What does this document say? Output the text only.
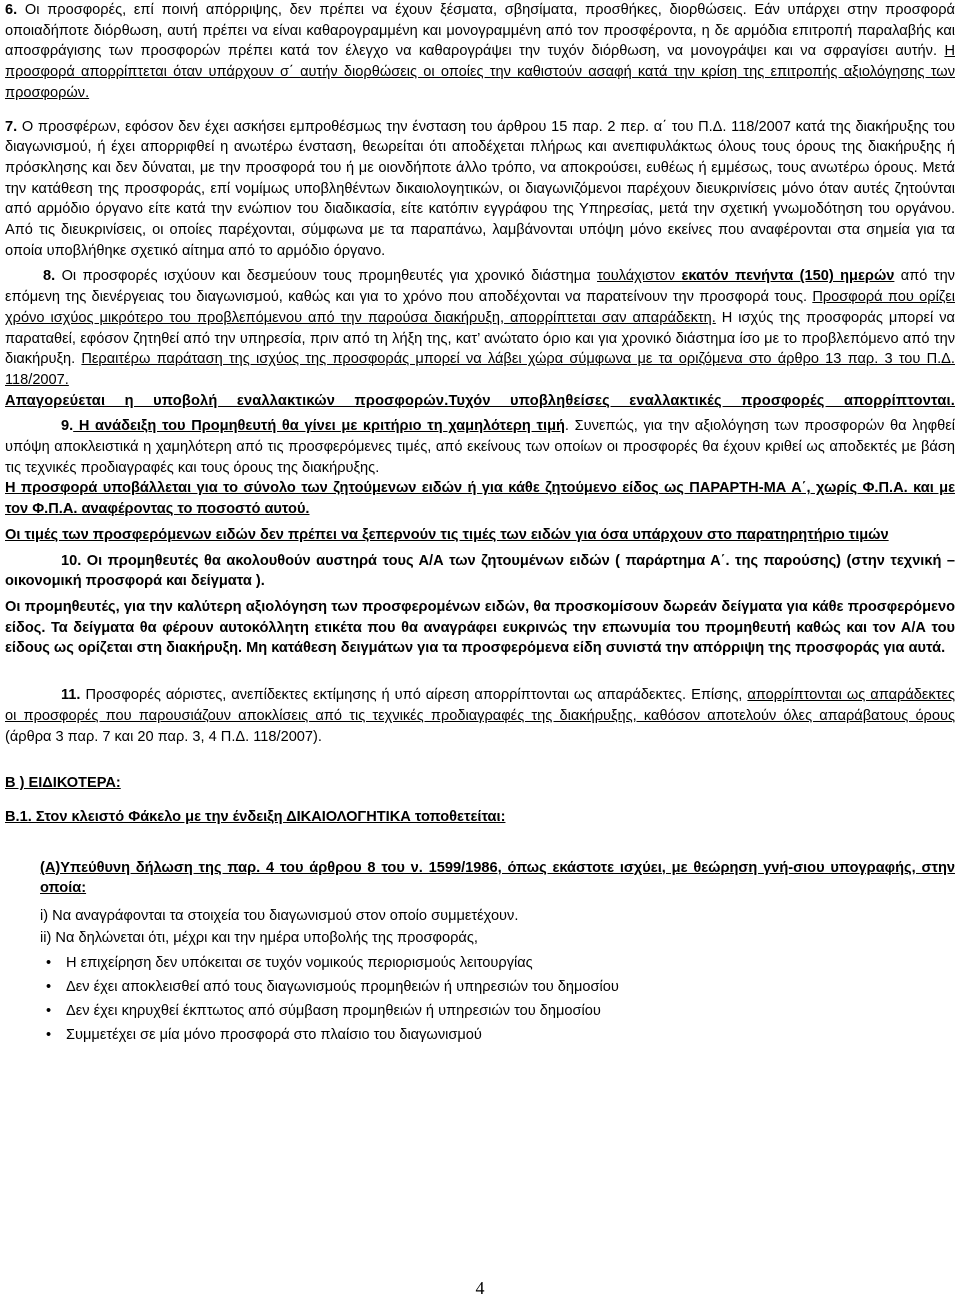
6. Οι προσφορές, επί ποινή απόρριψης, δεν πρέπει να έχουν ξέσματα, σβησίματα, προσθήκες, διορθώσεις. Εάν υπάρχει στην προσφορά οποιαδήποτε διόρθωση, αυτή πρέπει να είναι καθαρογραμμένη και μονογραμμένη από τον προσφέροντα, η δε αρμόδια επιτροπή παραλαβής και αποσφράγισης των προσφορών πρέπει κατά τον έλεγχο να καθαρογράψει την τυχόν διόρθωση, να μονογράψει και να σφραγίσει αυτήν. Η προσφορά απορρίπτεται όταν υπάρχουν σ΄ αυτήν διορθώσεις οι οποίες την καθιστούν ασαφή κατά την κρίση της επιτροπής αξιολόγησης των προσφορών.

7. Ο προσφέρων, εφόσον δεν έχει ασκήσει εμπροθέσμως την ένσταση του άρθρου 15 παρ. 2 περ. α΄ του Π.Δ. 118/2007 κατά της διακήρυξης του διαγωνισμού, ή έχει απορριφθεί η ανωτέρω ένσταση, θεωρείται ότι αποδέχεται πλήρως και ανεπιφυλάκτως όλους τους όρους της διακήρυξης ή πρόσκλησης και δεν δύναται, με την προσφορά του ή με οιονδήποτε άλλο τρόπο, να αποκρούσει, ευθέως ή εμμέσως, τους ανωτέρω όρους. Μετά την κατάθεση της προσφοράς, επί νομίμως υποβληθέντων δικαιολογητικών, οι διαγωνιζόμενοι παρέχουν διευκρινίσεις μόνο όταν αυτές ζητούνται από αρμόδιο όργανο είτε κατά την ενώπιον του διαδικασία, είτε κατόπιν εγγράφου της Υπηρεσίας, μετά την σχετική γνωμοδότηση του οργάνου. Από τις διευκρινίσεις, οι οποίες παρέχονται, σύμφωνα με τα παραπάνω, λαμβάνονται υπόψη μόνο εκείνες που αναφέρονται στα σημεία για τα οποία υποβλήθηκε σχετικό αίτημα από το αρμόδιο όργανο.

8. Οι προσφορές ισχύουν και δεσμεύουν τους προμηθευτές για χρονικό διάστημα τουλάχιστον εκατόν πενήντα (150) ημερών από την επόμενη της διενέργειας του διαγωνισμού, καθώς και για το χρόνο που αποδέχονται να παρατείνουν την προσφορά τους. Προσφορά που ορίζει χρόνο ισχύος μικρότερο του προβλεπόμενου από την παρούσα διακήρυξη, απορρίπτεται σαν απαράδεκτη. Η ισχύς της προσφοράς μπορεί να παραταθεί, εφόσον ζητηθεί από την υπηρεσία, πριν από τη λήξη της, κατ’ ανώτατο όριο και για χρονικό διάστημα ίσο με το προβλεπόμενο από την διακήρυξη. Περαιτέρω παράταση της ισχύος της προσφοράς μπορεί να λάβει χώρα σύμφωνα με τα οριζόμενα στο άρθρο 13 παρ. 3 του Π.Δ. 118/2007.

Απαγορεύεται η υποβολή εναλλακτικών προσφορών.Τυχόν υποβληθείσες εναλλακτικές προσφορές απορρίπτονται.

9. Η ανάδειξη του Προμηθευτή θα γίνει με κριτήριο τη χαμηλότερη τιμή. Συνεπώς, για την αξιολόγηση των προσφορών θα ληφθεί υπόψη αποκλειστικά η χαμηλότερη από τις προσφερόμενες τιμές, από εκείνους των οποίων οι προσφορές θα έχουν κριθεί ως αποδεκτές με βάση τις τεχνικές προδιαγραφές και τους όρους της διακήρυξης.

Η προσφορά υποβάλλεται για το σύνολο των ζητούμενων ειδών ή για κάθε ζητούμενο είδος ως ΠΑΡΑΡΤΗ-ΜΑ Α΄, χωρίς Φ.Π.Α. και με τον Φ.Π.Α. αναφέροντας το ποσοστό αυτού.

Οι τιμές των προσφερόμενων ειδών δεν πρέπει να ξεπερνούν τις τιμές των ειδών για όσα υπάρχουν στο παρατηρητήριο τιμών

10. Οι προμηθευτές θα ακολουθούν αυστηρά τους Α/Α των ζητουμένων ειδών ( παράρτημα Α΄. της παρούσης) (στην τεχνική –οικονομική προσφορά και δείγματα ).

Οι προμηθευτές, για την καλύτερη αξιολόγηση των προσφερομένων ειδών, θα προσκομίσουν δωρεάν δείγματα για κάθε προσφερόμενο είδος. Τα δείγματα θα φέρουν αυτοκόλλητη ετικέτα που θα αναγράφει ευκρινώς την επωνυμία του προμηθευτή καθώς και τον Α/Α του είδους ως ορίζεται στη διακήρυξη. Μη κατάθεση δειγμάτων για τα προσφερόμενα είδη συνιστά την απόρριψη της προσφοράς για αυτά.

11. Προσφορές αόριστες, ανεπίδεκτες εκτίμησης ή υπό αίρεση απορρίπτονται ως απαράδεκτες. Επίσης, απορρίπτονται ως απαράδεκτες οι προσφορές που παρουσιάζουν αποκλίσεις από τις τεχνικές προδιαγραφές της διακήρυξης, καθόσον αποτελούν όλες απαράβατους όρους (άρθρα 3 παρ. 7 και 20 παρ. 3, 4 Π.Δ. 118/2007).

Β ) ΕΙΔΙΚΟΤΕΡΑ:

Β.1. Στον κλειστό Φάκελο με την ένδειξη ΔΙΚΑΙΟΛΟΓΗΤΙΚΑ τοποθετείται:

(Α)Υπεύθυνη δήλωση της παρ. 4 του άρθρου 8 του ν. 1599/1986, όπως εκάστοτε ισχύει, με θεώρηση γνή-σιου υπογραφής, στην οποία:

i) Να αναγράφονται τα στοιχεία του διαγωνισμού στον οποίο συμμετέχουν.
ii) Να δηλώνεται ότι, μέχρι και την ημέρα υποβολής της προσφοράς,
• Η επιχείρηση δεν υπόκειται σε τυχόν νομικούς περιορισμούς λειτουργίας
• Δεν έχει αποκλεισθεί από τους διαγωνισμούς προμηθειών ή υπηρεσιών του δημοσίου
• Δεν έχει κηρυχθεί έκπτωτος από σύμβαση προμηθειών ή υπηρεσιών του δημοσίου
• Συμμετέχει σε μία μόνο προσφορά στο πλαίσιο του διαγωνισμού
4
